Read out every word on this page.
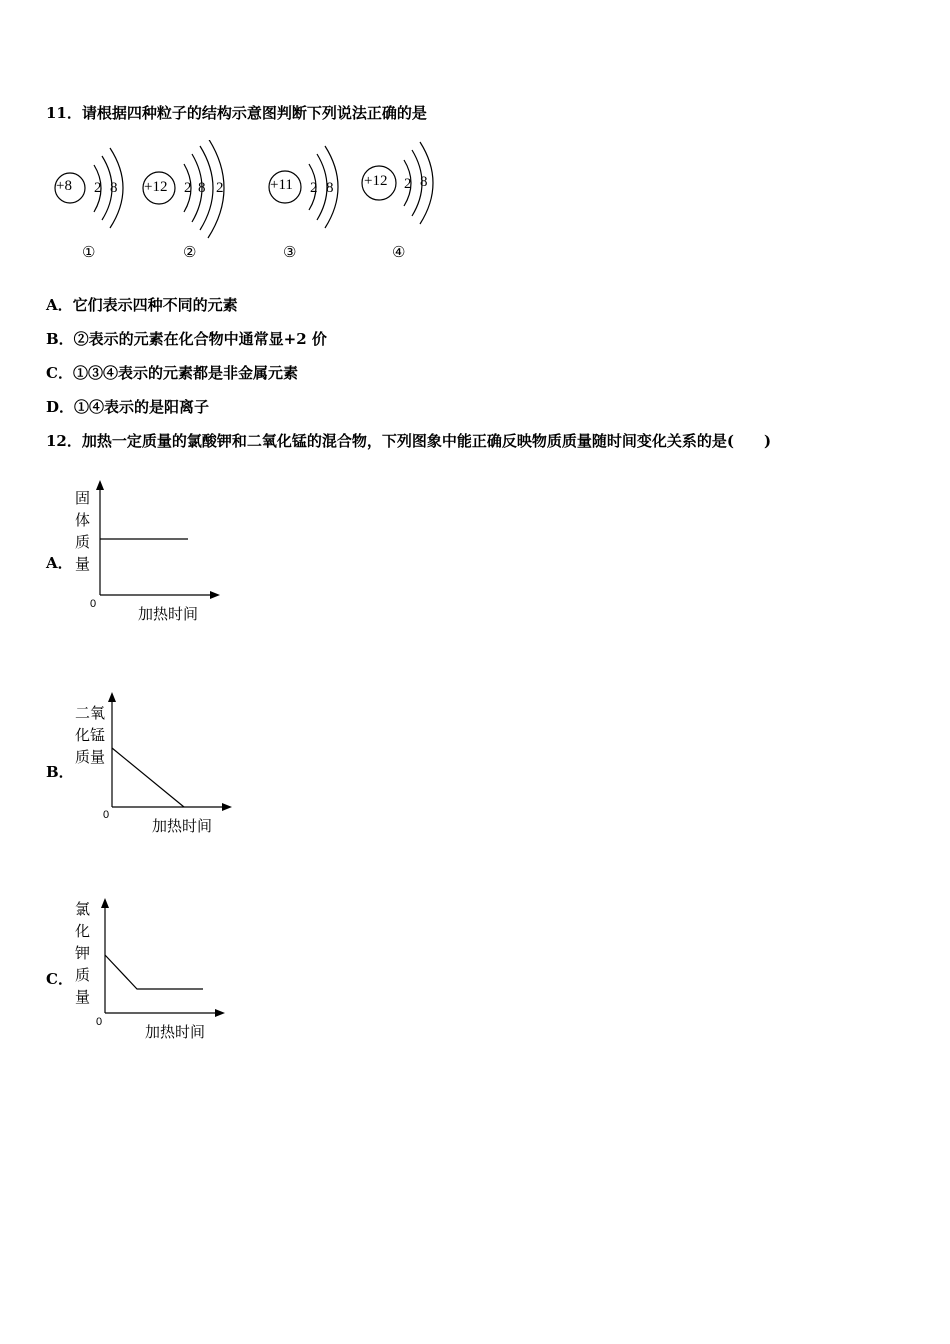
11．请根据四种粒子的结构示意图判断下列说法正确的是
+8 2 8
①
+12 2 8 2
②
+11 2 8
③
+12 2 8
④
A．它们表示四种不同的元素
B．②表示的元素在化合物中通常显+2 价
C．①③④表示的元素都是非金属元素
D．①④表示的是阳离子
12．加热一定质量的氯酸钾和二氧化锰的混合物，下列图象中能正确反映物质质量随时间变化关系的是(　　)
A．
固
体
质
量
0
加热时间
B．
二氧
化锰
质量
0
加热时间
C．
氯
化
钾
质
量
0
加热时间
